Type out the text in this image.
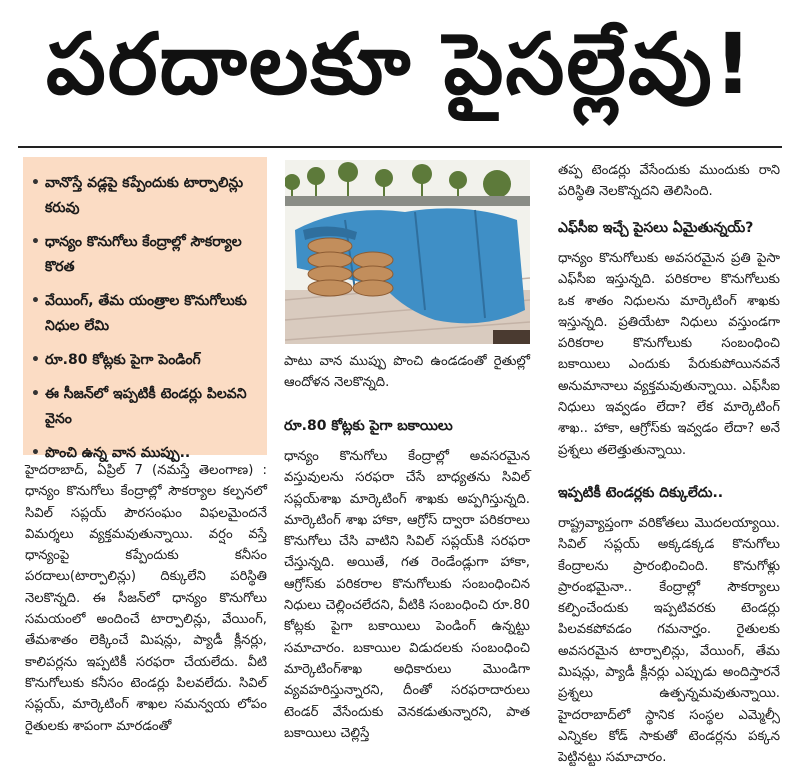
పరదాలకూ పైసల్లేవు!
• వానొస్తే వడ్లపై కప్పేందుకు టార్పాలిన్లు కరువు
• ధాన్యం కొనుగోలు కేంద్రాల్లో సౌకర్యాల కొరత
• వేయింగ్, తేమ యంత్రాల కొనుగోలుకు నిధుల లేమి
• రూ.80 కోట్లకు పైగా పెండింగ్
• ఈ సీజన్‌లో ఇప్పటికీ టెండర్లు పిలవని వైనం
• పొంచి ఉన్న వాన ముప్పు..

హైదరాబాద్, ఏప్రిల్ 7 (నమస్తే తెలంగాణ) : ధాన్యం కొనుగోలు కేంద్రాల్లో సౌకర్యాల కల్పనలో సివిల్ సప్లయ్ పౌరసంఘం విఫలమైందనే విమర్శలు వ్యక్తమవుతున్నాయి. వర్షం వస్తే ధాన్యంపై కప్పేందుకు కనీసం పరదాలు(టార్పాలిన్లు) దిక్కులేని పరిస్థితి నెలకొన్నది. ఈ సీజన్‌లో ధాన్యం కొనుగోలు సమయంలో అందించే టార్పాలిన్లు, వేయింగ్, తేమశాతం లెక్కించే మిషన్లు, ప్యాడీ క్లీనర్లు, కాలిపర్లను ఇప్పటికీ సరఫరా చేయలేదు. వీటి కొనుగోలుకు కనీసం టెండర్లు పిలవలేదు. సివిల్ సప్లయ్, మార్కెటింగ్ శాఖల సమన్వయ లోపం రైతులకు శాపంగా మారడంతో

పాటు వాన ముప్పు పొంచి ఉండడంతో రైతుల్లో ఆందోళన నెలకొన్నది.

రూ.80 కోట్లకు పైగా బకాయిలు

ధాన్యం కొనుగోలు కేంద్రాల్లో అవసరమైన వస్తువులను సరఫరా చేసే బాధ్యతను సివిల్ సప్లయ్‌శాఖ మార్కెటింగ్ శాఖకు అప్పగిస్తున్నది. మార్కెటింగ్ శాఖ హాకా, ఆగ్రోస్ ద్వారా పరికరాలు కొనుగోలు చేసి వాటిని సివిల్ సప్లయ్‌కి సరఫరా చేస్తున్నది. అయితే, గత రెండేండ్లుగా హాకా, ఆగ్రోస్‌కు పరికరాల కొనుగోలుకు సంబంధించిన నిధులు చెల్లించలేదని, వీటికి సంబంధించి రూ.80 కోట్లకు పైగా బకాయిలు పెండింగ్ ఉన్నట్టు సమాచారం. బకాయిల విడుదలకు సంబంధించి మార్కెటింగ్‌శాఖ అధికారులు మొండిగా వ్యవహరిస్తున్నారని, దీంతో సరఫరాదారులు టెండర్ వేసేందుకు వెనకడుతున్నారని, పాత బకాయిలు చెల్లిస్తే

తప్ప టెండర్లు వేసేందుకు ముందుకు రాని పరిస్థితి నెలకొన్నదని తెలిసింది.

ఎఫ్‌సీఐ ఇచ్చే పైసలు ఏమైతున్నయ్?

ధాన్యం కొనుగోలుకు అవసరమైన ప్రతి పైసా ఎఫ్‌సీఐ ఇస్తున్నది. పరికరాల కొనుగోలుకు ఒక శాతం నిధులను మార్కెటింగ్ శాఖకు ఇస్తున్నది. ప్రతియేటా నిధులు వస్తుండగా పరికరాల కొనుగోలుకు సంబంధించి బకాయిలు ఎందుకు పేరుకుపోయినవనే అనుమానాలు వ్యక్తమవుతున్నాయి. ఎఫ్‌సీఐ నిధులు ఇవ్వడం లేదా? లేక మార్కెటింగ్ శాఖ.. హాకా, ఆగ్రోస్‌కు ఇవ్వడం లేదా? అనే ప్రశ్నలు తలెత్తుతున్నాయి.

ఇప్పటికీ టెండర్లకు దిక్కులేదు..

రాష్ట్రవ్యాప్తంగా వరికోతలు మొదలయ్యాయి. సివిల్ సప్లయ్ అక్కడక్కడ కొనుగోలు కేంద్రాలను ప్రారంభించింది. కొనుగోళ్లు ప్రారంభమైనా.. కేంద్రాల్లో సౌకర్యాలు కల్పించేందుకు ఇప్పటివరకు టెండర్లు పిలవకపోవడం గమనార్హం. రైతులకు అవసరమైన టార్పాలిన్లు, వేయింగ్, తేమ మిషన్లు, ప్యాడీ క్లీనర్లు ఎప్పుడు అందిస్తారనే ప్రశ్నలు ఉత్పన్నమవుతున్నాయి. హైదరాబాద్‌లో స్థానిక సంస్థల ఎమ్మెల్సీ ఎన్నికల కోడ్ సాకుతో టెండర్లను పక్కన పెట్టినట్టు సమాచారం.
